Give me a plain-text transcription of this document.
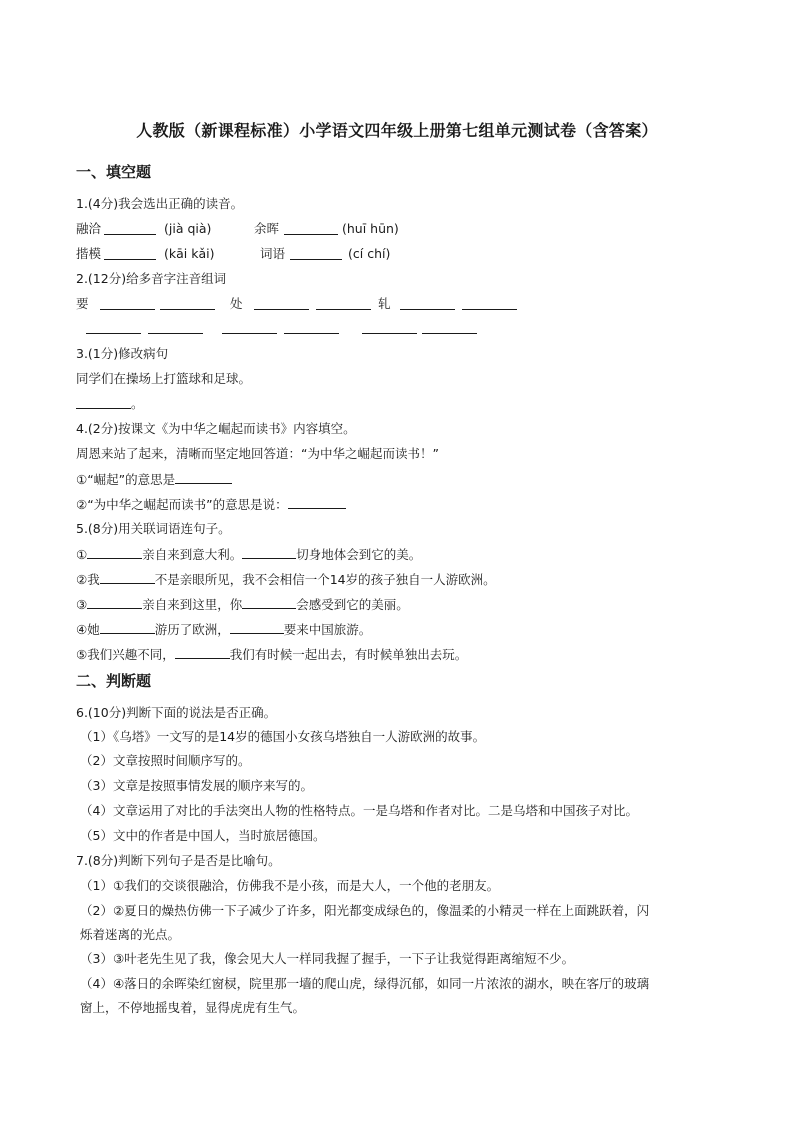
人教版（新课程标准）小学语文四年级上册第七组单元测试卷（含答案）
一、填空题
1.(4分)我会选出正确的读音。
融洽	(jià qià)	余晖	(huī hūn)
揩模	(kāi kǎi)	词语	(cí chí)
2.(12分)给多音字注音组词
要	处	轧
3.(1分)修改病句
同学们在操场上打篮球和足球。
。
4.(2分)按课文《为中华之崛起而读书》内容填空。
周恩来站了起来，清晰而坚定地回答道：“为中华之崛起而读书！”
①“崛起”的意思是
②“为中华之崛起而读书”的意思是说：
5.(8分)用关联词语连句子。
①	亲自来到意大利。	切身地体会到它的美。
②我	不是亲眼所见，我不会相信一个14岁的孩子独自一人游欧洲。
③	亲自来到这里，你	会感受到它的美丽。
④她	游历了欧洲，	要来中国旅游。
⑤我们兴趣不同，	我们有时候一起出去，有时候单独出去玩。
二、判断题
6.(10分)判断下面的说法是否正确。
（1）《乌塔》一文写的是14岁的德国小女孩乌塔独自一人游欧洲的故事。
（2）文章按照时间顺序写的。
（3）文章是按照事情发展的顺序来写的。
（4）文章运用了对比的手法突出人物的性格特点。一是乌塔和作者对比。二是乌塔和中国孩子对比。
（5）文中的作者是中国人，当时旅居德国。
7.(8分)判断下列句子是否是比喻句。
（1）①我们的交谈很融洽，仿佛我不是小孩，而是大人，一个他的老朋友。
（2）②夏日的燥热仿佛一下子减少了许多，阳光都变成绿色的，像温柔的小精灵一样在上面跳跃着，闪
烁着迷离的光点。
（3）③叶老先生见了我，像会见大人一样同我握了握手，一下子让我觉得距离缩短不少。
（4）④落日的余晖染红窗棂，院里那一墙的爬山虎，绿得沉郁，如同一片浓浓的湖水，映在客厅的玻璃
窗上，不停地摇曳着，显得虎虎有生气。
